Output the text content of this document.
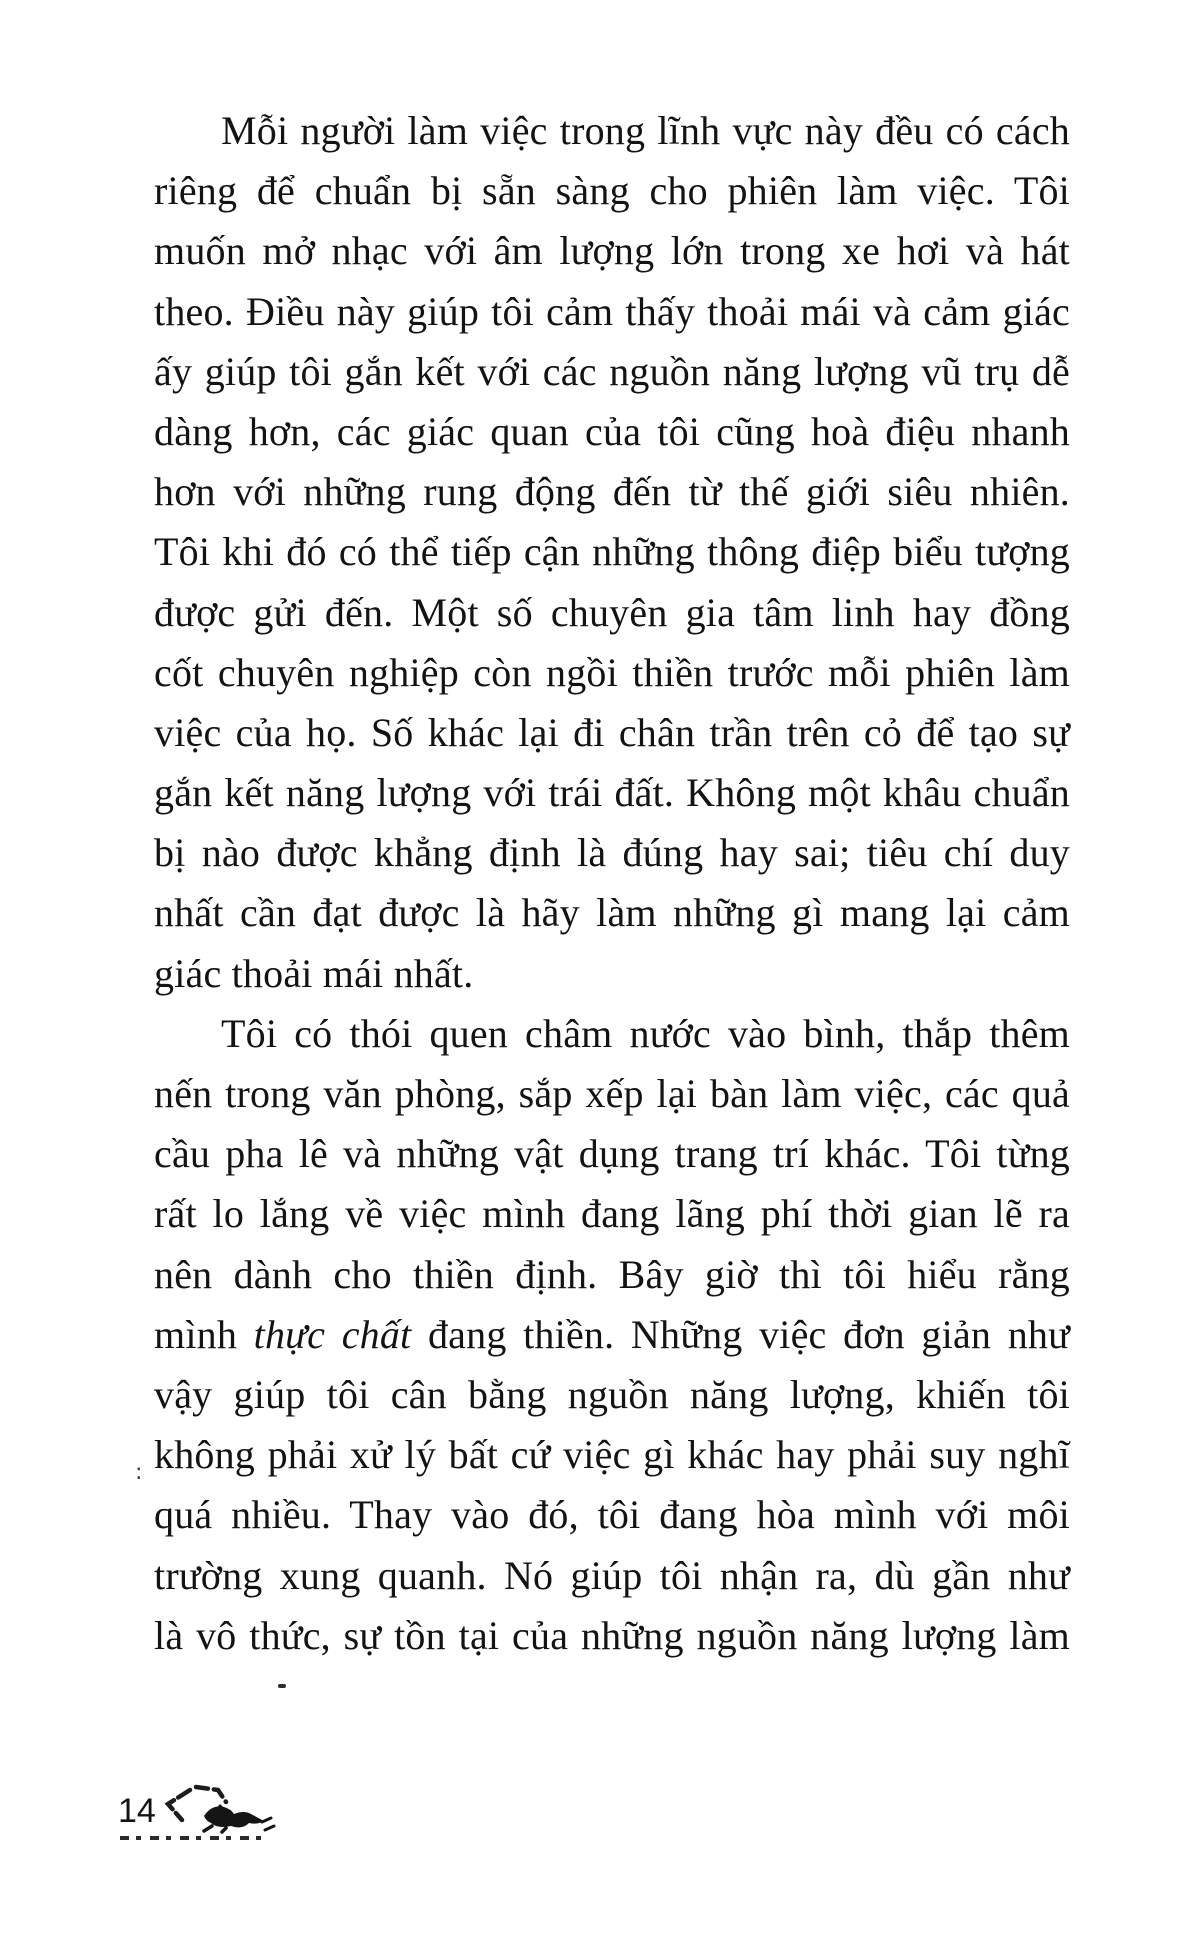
Mỗi người làm việc trong lĩnh vực này đều có cách
riêng để chuẩn bị sẵn sàng cho phiên làm việc. Tôi
muốn mở nhạc với âm lượng lớn trong xe hơi và hát
theo. Điều này giúp tôi cảm thấy thoải mái và cảm giác
ấy giúp tôi gắn kết với các nguồn năng lượng vũ trụ dễ
dàng hơn, các giác quan của tôi cũng hoà điệu nhanh
hơn với những rung động đến từ thế giới siêu nhiên.
Tôi khi đó có thể tiếp cận những thông điệp biểu tượng
được gửi đến. Một số chuyên gia tâm linh hay đồng
cốt chuyên nghiệp còn ngồi thiền trước mỗi phiên làm
việc của họ. Số khác lại đi chân trần trên cỏ để tạo sự
gắn kết năng lượng với trái đất. Không một khâu chuẩn
bị nào được khẳng định là đúng hay sai; tiêu chí duy
nhất cần đạt được là hãy làm những gì mang lại cảm
giác thoải mái nhất.
Tôi có thói quen châm nước vào bình, thắp thêm
nến trong văn phòng, sắp xếp lại bàn làm việc, các quả
cầu pha lê và những vật dụng trang trí khác. Tôi từng
rất lo lắng về việc mình đang lãng phí thời gian lẽ ra
nên dành cho thiền định. Bây giờ thì tôi hiểu rằng
mình thực chất đang thiền. Những việc đơn giản như
vậy giúp tôi cân bằng nguồn năng lượng, khiến tôi
không phải xử lý bất cứ việc gì khác hay phải suy nghĩ
quá nhiều. Thay vào đó, tôi đang hòa mình với môi
trường xung quanh. Nó giúp tôi nhận ra, dù gần như
là vô thức, sự tồn tại của những nguồn năng lượng làm
:
14
